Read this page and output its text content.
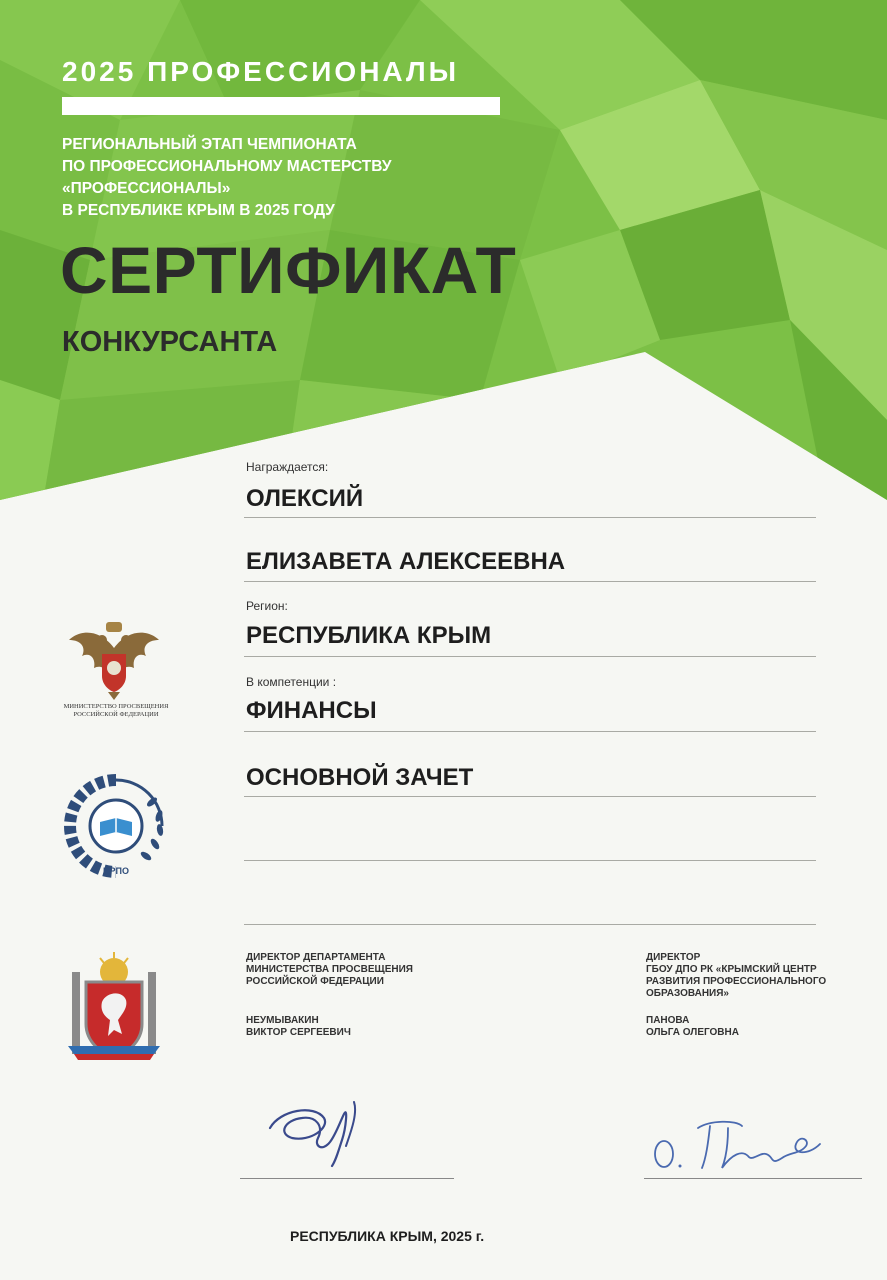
2025 ПРОФЕССИОНАЛЫ
РЕГИОНАЛЬНЫЙ ЭТАП ЧЕМПИОНАТА
ПО ПРОФЕССИОНАЛЬНОМУ МАСТЕРСТВУ
«ПРОФЕССИОНАЛЫ»
В РЕСПУБЛИКЕ КРЫМ В 2025 ГОДУ
СЕРТИФИКАТ
КОНКУРСАНТА
Награждается:
ОЛЕКСИЙ
ЕЛИЗАВЕТА АЛЕКСЕЕВНА
Регион:
РЕСПУБЛИКА КРЫМ
В компетенции :
ФИНАНСЫ
ОСНОВНОЙ ЗАЧЕТ
МИНИСТЕРСТВО ПРОСВЕЩЕНИЯ
РОССИЙСКОЙ ФЕДЕРАЦИИ
ИРПО
ДИРЕКТОР ДЕПАРТАМЕНТА
МИНИСТЕРСТВА ПРОСВЕЩЕНИЯ
РОССИЙСКОЙ ФЕДЕРАЦИИ
НЕУМЫВАКИН
ВИКТОР СЕРГЕЕВИЧ
ДИРЕКТОР
ГБОУ ДПО РК «КРЫМСКИЙ ЦЕНТР
РАЗВИТИЯ ПРОФЕССИОНАЛЬНОГО
ОБРАЗОВАНИЯ»
ПАНОВА
ОЛЬГА ОЛЕГОВНА
РЕСПУБЛИКА КРЫМ, 2025 г.
